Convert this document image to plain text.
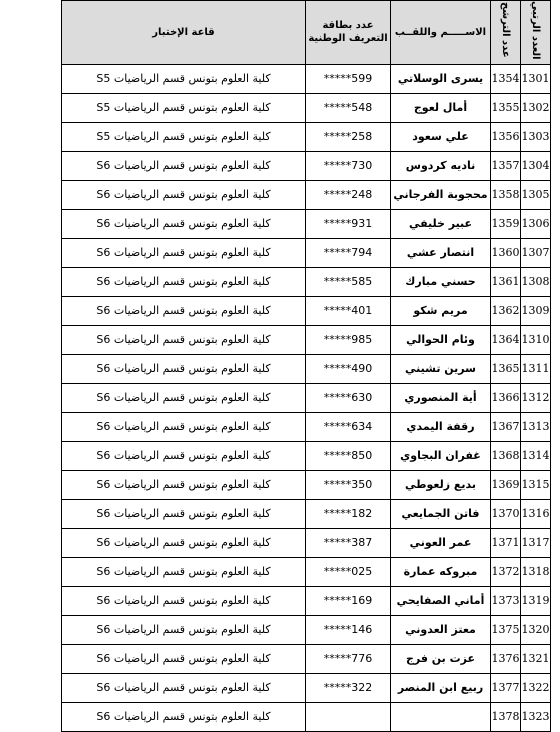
العدد الرتبي	عدد الترشح	الاســـــم واللقــب	عدد بطاقة التعريف الوطنية	قاعة الإختبار
1301	1354	يسرى الوسلاتي	*****599	كلية العلوم بتونس قسم الرياضيات S5
1302	1355	أمال لعوج	*****548	كلية العلوم بتونس قسم الرياضيات S5
1303	1356	علي سعود	*****258	كلية العلوم بتونس قسم الرياضيات S5
1304	1357	ناديه كردوس	*****730	كلية العلوم بتونس قسم الرياضيات S6
1305	1358	محجوبة الفرجاني	*****248	كلية العلوم بتونس قسم الرياضيات S6
1306	1359	عبير خليفي	*****931	كلية العلوم بتونس قسم الرياضيات S6
1307	1360	انتصار عشي	*****794	كلية العلوم بتونس قسم الرياضيات S6
1308	1361	حسني مبارك	*****585	كلية العلوم بتونس قسم الرياضيات S6
1309	1362	مريم شكو	*****401	كلية العلوم بتونس قسم الرياضيات S6
1310	1364	وئام الحوالي	*****985	كلية العلوم بتونس قسم الرياضيات S6
1311	1365	سرين تشيني	*****490	كلية العلوم بتونس قسم الرياضيات S6
1312	1366	أية المنصوري	*****630	كلية العلوم بتونس قسم الرياضيات S6
1313	1367	رقفة اليمدي	*****634	كلية العلوم بتونس قسم الرياضيات S6
1314	1368	غفران البجاوي	*****850	كلية العلوم بتونس قسم الرياضيات S6
1315	1369	بديع زلعوطي	*****350	كلية العلوم بتونس قسم الرياضيات S6
1316	1370	فاتن الجمايعي	*****182	كلية العلوم بتونس قسم الرياضيات S6
1317	1371	عمر العوني	*****387	كلية العلوم بتونس قسم الرياضيات S6
1318	1372	مبروكه عمارة	*****025	كلية العلوم بتونس قسم الرياضيات S6
1319	1373	أماني الصفايحي	*****169	كلية العلوم بتونس قسم الرياضيات S6
1320	1375	معتز العدوني	*****146	كلية العلوم بتونس قسم الرياضيات S6
1321	1376	عزت بن فرج	*****776	كلية العلوم بتونس قسم الرياضيات S6
1322	1377	ربيع ابن المنصر	*****322	كلية العلوم بتونس قسم الرياضيات S6
1323	1378			كلية العلوم بتونس قسم الرياضيات S6
